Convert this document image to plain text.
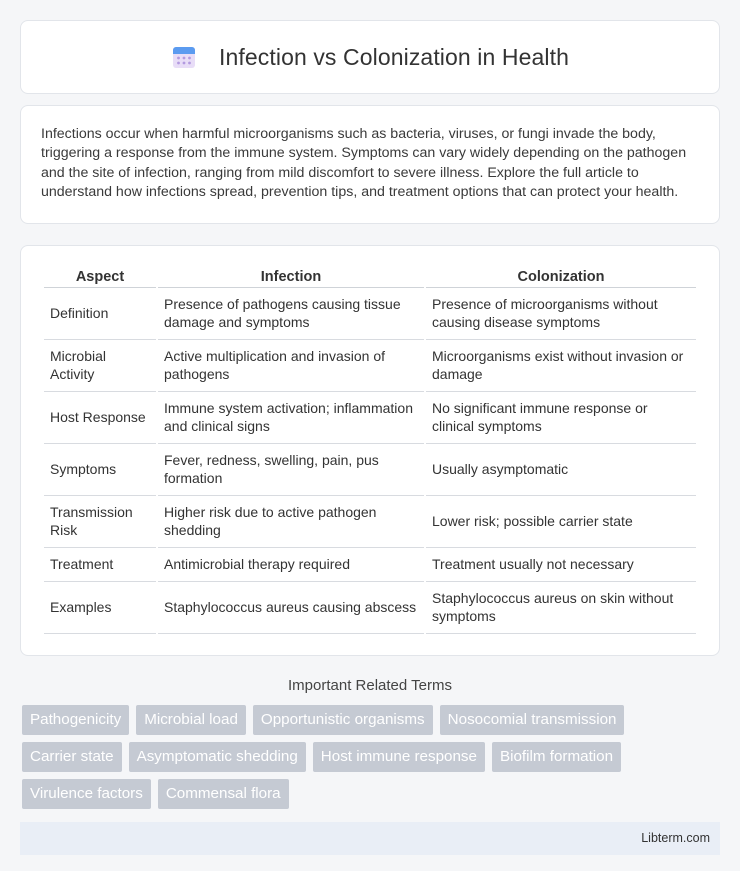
Infection vs Colonization in Health

Infections occur when harmful microorganisms such as bacteria, viruses, or fungi invade the body, triggering a response from the immune system. Symptoms can vary widely depending on the pathogen and the site of infection, ranging from mild discomfort to severe illness. Explore the full article to understand how infections spread, prevention tips, and treatment options that can protect your health.

Aspect	Infection	Colonization
Definition	Presence of pathogens causing tissue damage and symptoms	Presence of microorganisms without causing disease symptoms
Microbial Activity	Active multiplication and invasion of pathogens	Microorganisms exist without invasion or damage
Host Response	Immune system activation; inflammation and clinical signs	No significant immune response or clinical symptoms
Symptoms	Fever, redness, swelling, pain, pus formation	Usually asymptomatic
Transmission Risk	Higher risk due to active pathogen shedding	Lower risk; possible carrier state
Treatment	Antimicrobial therapy required	Treatment usually not necessary
Examples	Staphylococcus aureus causing abscess	Staphylococcus aureus on skin without symptoms
Important Related Terms
Pathogenicity	Microbial load	Opportunistic organisms	Nosocomial transmission
Carrier state	Asymptomatic shedding	Host immune response	Biofilm formation
Virulence factors	Commensal flora
Libterm.com
